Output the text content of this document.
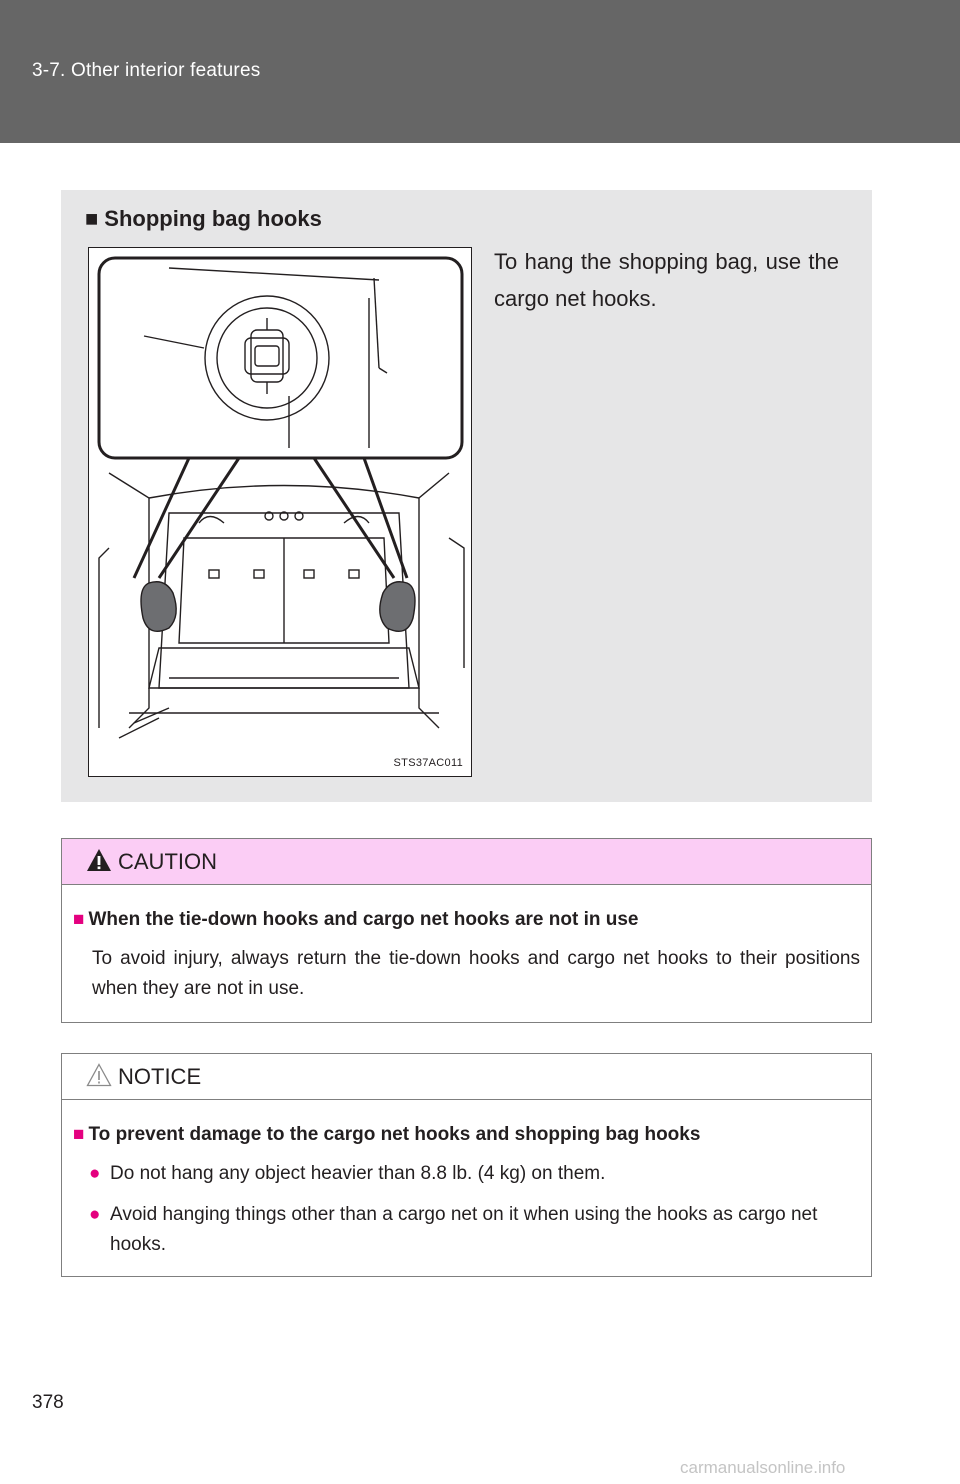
3-7. Other interior features
■ Shopping bag hooks
STS37AC011
To hang the shopping bag, use the cargo net hooks.
CAUTION
■ When the tie-down hooks and cargo net hooks are not in use
To avoid injury, always return the tie-down hooks and cargo net hooks to their positions when they are not in use.
NOTICE
■ To prevent damage to the cargo net hooks and shopping bag hooks
● Do not hang any object heavier than 8.8 lb. (4 kg) on them.
● Avoid hanging things other than a cargo net on it when using the hooks as cargo net hooks.
378
carmanualsonline.info
